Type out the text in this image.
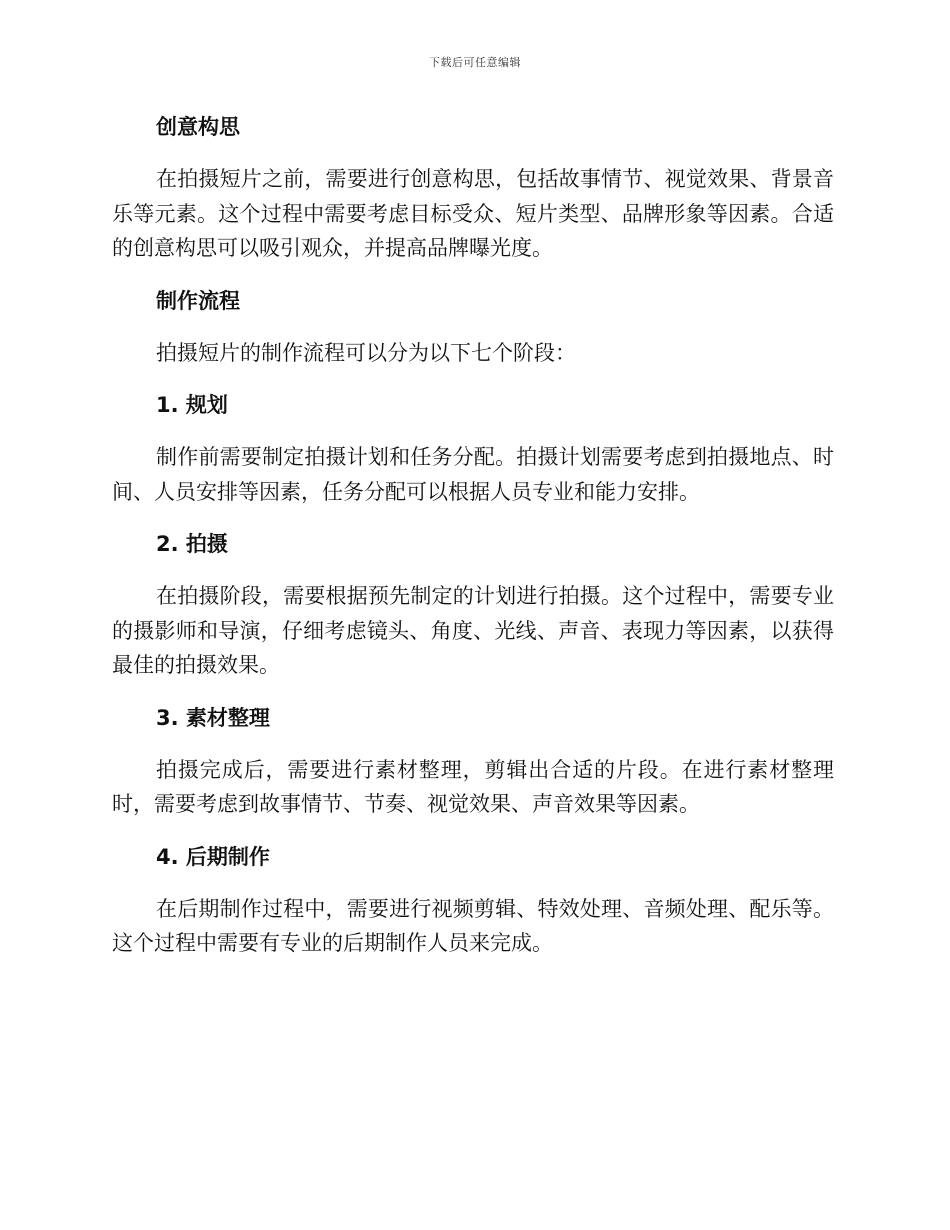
下载后可任意编辑
创意构思

在拍摄短片之前，需要进行创意构思，包括故事情节、视觉效果、背景音乐等元素。这个过程中需要考虑目标受众、短片类型、品牌形象等因素。合适的创意构思可以吸引观众，并提高品牌曝光度。

制作流程

拍摄短片的制作流程可以分为以下七个阶段：

1. 规划

制作前需要制定拍摄计划和任务分配。拍摄计划需要考虑到拍摄地点、时间、人员安排等因素，任务分配可以根据人员专业和能力安排。

2. 拍摄

在拍摄阶段，需要根据预先制定的计划进行拍摄。这个过程中，需要专业的摄影师和导演，仔细考虑镜头、角度、光线、声音、表现力等因素，以获得最佳的拍摄效果。

3. 素材整理

拍摄完成后，需要进行素材整理，剪辑出合适的片段。在进行素材整理时，需要考虑到故事情节、节奏、视觉效果、声音效果等因素。

4. 后期制作

在后期制作过程中，需要进行视频剪辑、特效处理、音频处理、配乐等。这个过程中需要有专业的后期制作人员来完成。
